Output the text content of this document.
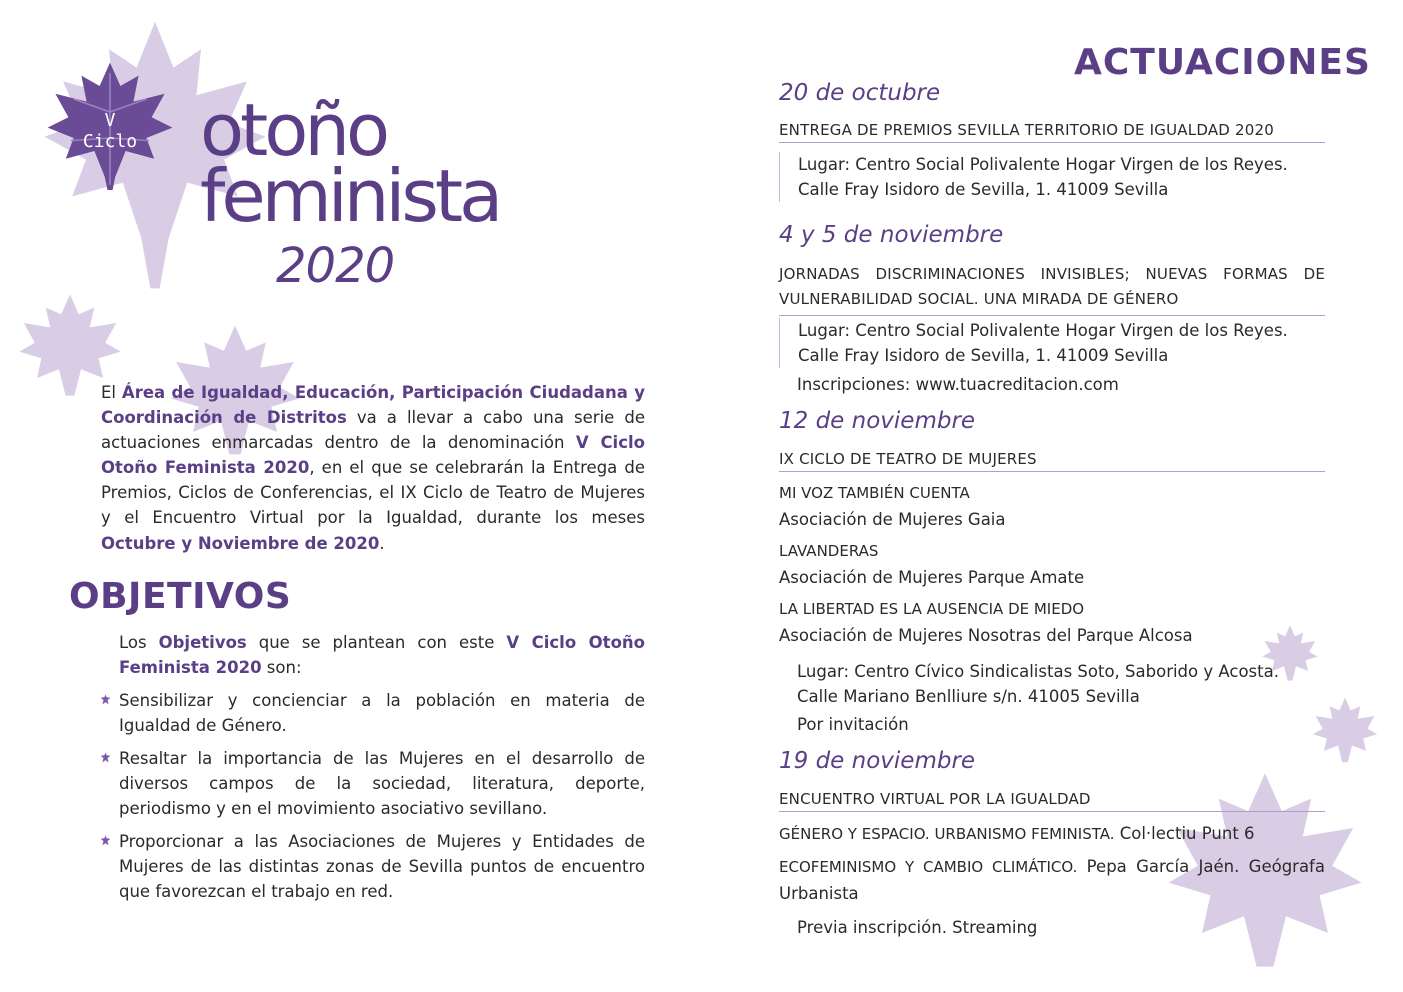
V
Ciclo otoño
feminista
2020
El Área de Igualdad, Educación, Participación Ciudadana y Coordinación de Distritos va a llevar a cabo una serie de actuaciones enmarcadas dentro de la denominación V Ciclo Otoño Feminista 2020, en el que se celebrarán la Entrega de Premios, Ciclos de Conferencias, el IX Ciclo de Teatro de Mujeres y el Encuentro Virtual por la Igualdad, durante los meses Octubre y Noviembre de 2020.
OBJETIVOS
Los Objetivos que se plantean con este V Ciclo Otoño Feminista 2020 son:
Sensibilizar y concienciar a la población en materia de Igualdad de Género.
Resaltar la importancia de las Mujeres en el desarrollo de diversos campos de la sociedad, literatura, deporte, periodismo y en el movimiento asociativo sevillano.
Proporcionar a las Asociaciones de Mujeres y Entidades de Mujeres de las distintas zonas de Sevilla puntos de encuentro que favorezcan el trabajo en red.
ACTUACIONES
20 de octubre
ENTREGA DE PREMIOS SEVILLA TERRITORIO DE IGUALDAD 2020
Lugar: Centro Social Polivalente Hogar Virgen de los Reyes. Calle Fray Isidoro de Sevilla, 1. 41009 Sevilla
4 y 5 de noviembre
JORNADAS DISCRIMINACIONES INVISIBLES; NUEVAS FORMAS DE VULNERABILIDAD SOCIAL. UNA MIRADA DE GÉNERO
Lugar: Centro Social Polivalente Hogar Virgen de los Reyes. Calle Fray Isidoro de Sevilla, 1. 41009 Sevilla
Inscripciones: www.tuacreditacion.com
12 de noviembre
IX CICLO DE TEATRO DE MUJERES
MI VOZ TAMBIÉN CUENTA
Asociación de Mujeres Gaia
LAVANDERAS
Asociación de Mujeres Parque Amate
LA LIBERTAD ES LA AUSENCIA DE MIEDO
Asociación de Mujeres Nosotras del Parque Alcosa
Lugar: Centro Cívico Sindicalistas Soto, Saborido y Acosta. Calle Mariano Benlliure s/n. 41005 Sevilla
Por invitación
19 de noviembre
ENCUENTRO VIRTUAL POR LA IGUALDAD
GÉNERO Y ESPACIO. URBANISMO FEMINISTA. Col·lectiu Punt 6
ECOFEMINISMO Y CAMBIO CLIMÁTICO. Pepa García Jaén. Geógrafa Urbanista
Previa inscripción. Streaming
